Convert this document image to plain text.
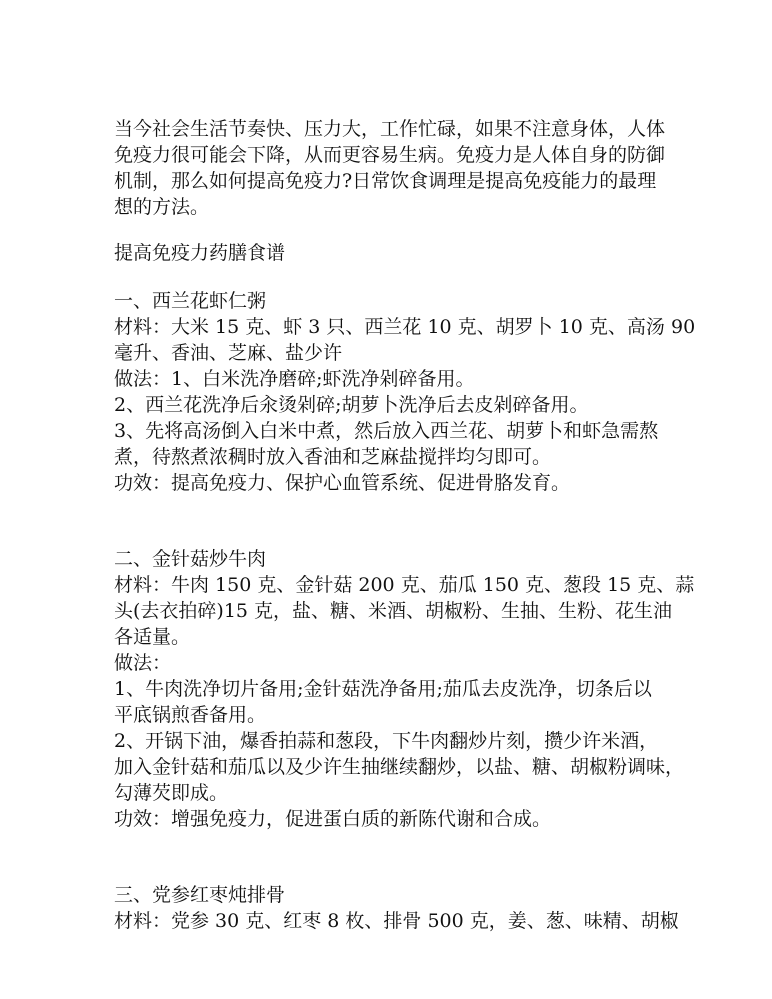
当今社会生活节奏快、压力大，工作忙碌，如果不注意身体，人体

免疫力很可能会下降，从而更容易生病。免疫力是人体自身的防御

机制，那么如何提高免疫力?日常饮食调理是提高免疫能力的最理

想的方法。

提高免疫力药膳食谱

一、西兰花虾仁粥

材料：大米 15 克、虾 3 只、西兰花 10 克、胡罗卜 10 克、高汤 90

毫升、香油、芝麻、盐少许

做法：1、白米洗净磨碎;虾洗净剁碎备用。

2、西兰花洗净后汆烫剁碎;胡萝卜洗净后去皮剁碎备用。

3、先将高汤倒入白米中煮，然后放入西兰花、胡萝卜和虾急需熬

煮，待熬煮浓稠时放入香油和芝麻盐搅拌均匀即可。

功效：提高免疫力、保护心血管系统、促进骨胳发育。

二、金针菇炒牛肉

材料：牛肉 150 克、金针菇 200 克、茄瓜 150 克、葱段 15 克、蒜

头(去衣拍碎)15 克，盐、糖、米酒、胡椒粉、生抽、生粉、花生油

各适量。

做法：

1、牛肉洗净切片备用;金针菇洗净备用;茄瓜去皮洗净，切条后以

平底锅煎香备用。

2、开锅下油，爆香拍蒜和葱段，下牛肉翻炒片刻，攒少许米酒，

加入金针菇和茄瓜以及少许生抽继续翻炒，以盐、糖、胡椒粉调味，

勾薄芡即成。

功效：增强免疫力，促进蛋白质的新陈代谢和合成。

三、党参红枣炖排骨

材料：党参 30 克、红枣 8 枚、排骨 500 克，姜、葱、味精、胡椒
